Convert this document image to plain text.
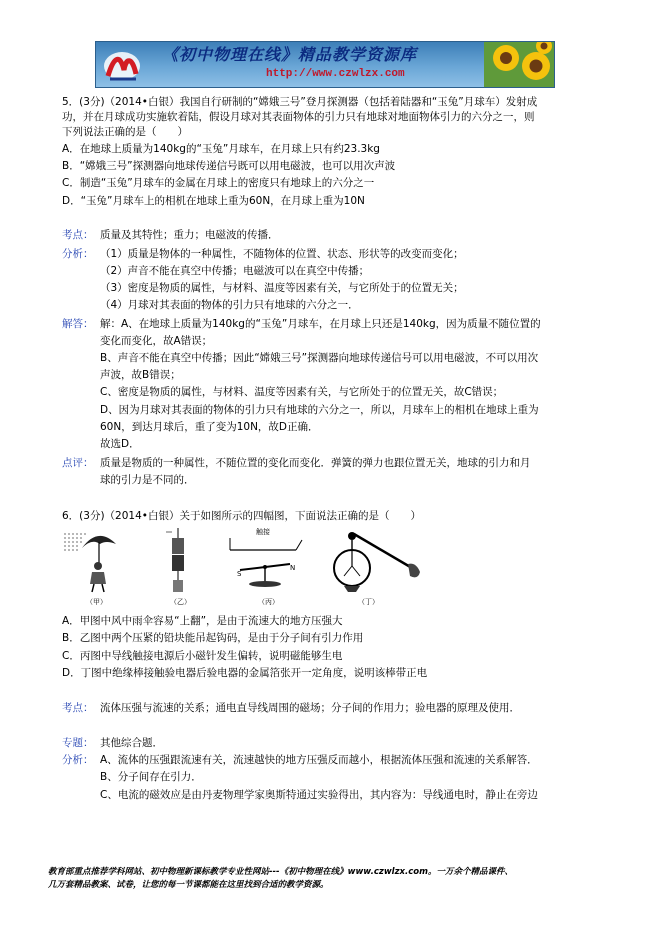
《初中物理在线》精品教学资源库
http://www.czwlzx.com
5．(3分)（2014•白银）我国自行研制的“嫦娥三号”登月探测器（包括着陆器和“玉兔”月球车）发射成
功，并在月球成功实施软着陆，假设月球对其表面物体的引力只有地球对地面物体引力的六分之一，则
下列说法正确的是（　　）
A．在地球上质量为140kg的“玉兔”月球车，在月球上只有约23.3kg
B．“嫦娥三号”探测器向地球传递信号既可以用电磁波，也可以用次声波
C．制造“玉兔”月球车的金属在月球上的密度只有地球上的六分之一
D．“玉兔”月球车上的相机在地球上重为60N，在月球上重为10N
考点： 质量及其特性；重力；电磁波的传播．
分析： （1）质量是物体的一种属性，不随物体的位置、状态、形状等的改变而变化；
（2）声音不能在真空中传播；电磁波可以在真空中传播；
（3）密度是物质的属性，与材料、温度等因素有关，与它所处于的位置无关；
（4）月球对其表面的物体的引力只有地球的六分之一．
解答： 解：A、在地球上质量为140kg的“玉兔”月球车，在月球上只还是140kg，因为质量不随位置的
变化而变化，故A错误；
B、声音不能在真空中传播；因此“嫦娥三号”探测器向地球传递信号可以用电磁波，不可以用次
声波，故B错误；
C、密度是物质的属性，与材料、温度等因素有关，与它所处于的位置无关，故C错误；
D、因为月球对其表面的物体的引力只有地球的六分之一，所以，月球车上的相机在地球上重为
60N，到达月球后，重了变为10N，故D正确．
故选D．
点评： 质量是物质的一种属性，不随位置的变化而变化．弹簧的弹力也跟位置无关，地球的引力和月
球的引力是不同的．
6．(3分)（2014•白银）关于如图所示的四幅图，下面说法正确的是（　　）
（甲）	（乙）
触接
S
N
（丙）	（丁）
A．甲图中风中雨伞容易“上翻”，是由于流速大的地方压强大
B．乙图中两个压紧的铅块能吊起钩码，是由于分子间有引力作用
C．丙图中导线触接电源后小磁针发生偏转，说明磁能够生电
D．丁图中绝缘棒接触验电器后验电器的金属箔张开一定角度，说明该棒带正电
考点： 流体压强与流速的关系；通电直导线周围的磁场；分子间的作用力；验电器的原理及使用．
专题： 其他综合题．
分析： A、流体的压强跟流速有关，流速越快的地方压强反而越小，根据流体压强和流速的关系解答．
B、分子间存在引力．
C、电流的磁效应是由丹麦物理学家奥斯特通过实验得出，其内容为：导线通电时，静止在旁边
教育部重点推荐学科网站、初中物理新课标教学专业性网站---《初中物理在线》www.czwlzx.com。一万余个精品课件、
几万套精品教案、试卷，让您的每一节课都能在这里找到合适的教学资源。
